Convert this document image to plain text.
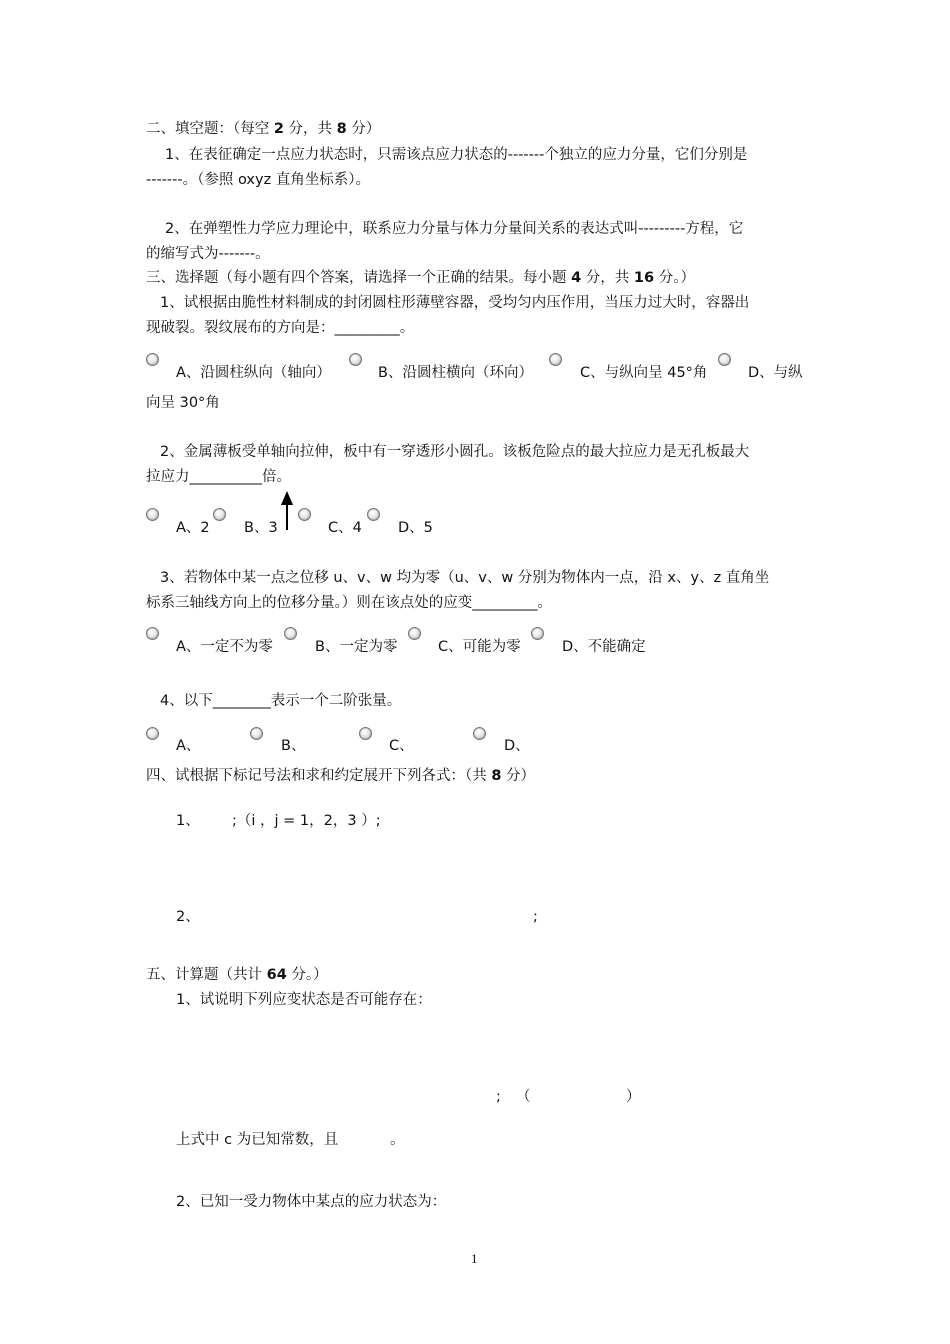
二、填空题：（每空 2 分，共 8 分）
1、在表征确定一点应力状态时，只需该点应力状态的-------个独立的应力分量，它们分别是
-------。（参照 oxyz 直角坐标系）。
2、在弹塑性力学应力理论中，联系应力分量与体力分量间关系的表达式叫---------方程，它
的缩写式为-------。
三、选择题（每小题有四个答案，请选择一个正确的结果。每小题 4 分，共 16 分。）
1、试根据由脆性材料制成的封闭圆柱形薄壁容器，受均匀内压作用，当压力过大时，容器出
现破裂。裂纹展布的方向是：_________。
A、沿圆柱纵向（轴向）	B、沿圆柱横向（环向）	C、与纵向呈 45°角	D、与纵
向呈 30°角
2、金属薄板受单轴向拉伸，板中有一穿透形小圆孔。该板危险点的最大拉应力是无孔板最大
拉应力__________倍。
A、2 B、3	C、4 D、5
3、若物体中某一点之位移 u、v、w 均为零（u、v、w 分别为物体内一点，沿 x、y、z 直角坐
标系三轴线方向上的位移分量。）则在该点处的应变_________。
A、一定不为零	B、一定为零	C、可能为零	D、不能确定
4、以下________表示一个二阶张量。
A、	B、	C、	D、
四、试根据下标记号法和求和约定展开下列各式：（共 8 分）
1、 ;（i ，j = 1，2，3 ）;
2、	;
五、计算题（共计 64 分。）
1、试说明下列应变状态是否可能存在：
; （	）
上式中 c 为已知常数，且	。
2、已知一受力物体中某点的应力状态为：
1
